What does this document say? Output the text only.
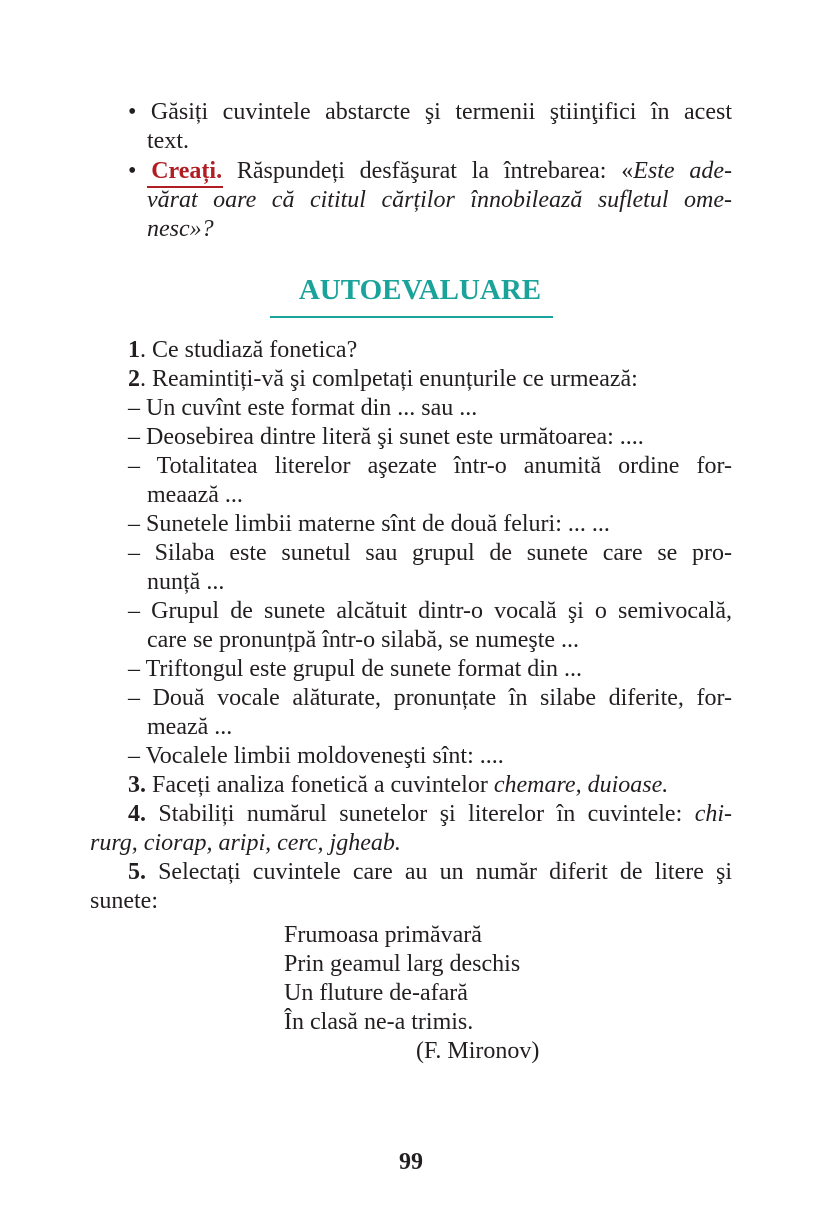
• Găsiți cuvintele abstarcte şi termenii ştiinţifici în acest
text.
• Creați. Răspundeți desfăşurat la întrebarea: «Este ade-
vărat oare că cititul cărților înnobilează sufletul ome-
nesc»?
AUTOEVALUARE
1. Ce studiază fonetica?
2. Reamintiți-vă şi comlpetați enunțurile ce urmează:
– Un cuvînt este format din ... sau ...
– Deosebirea dintre literă şi sunet este următoarea: ....
– Totalitatea literelor aşezate într-o anumită ordine for-
meaază ...
– Sunetele limbii materne sînt de două feluri: ... ...
– Silaba este sunetul sau grupul de sunete care se pro-
nunță ...
– Grupul de sunete alcătuit dintr-o vocală şi o semivocală,
care se pronunțpă într-o silabă, se numeşte ...
– Triftongul este grupul de sunete format din ...
– Două vocale alăturate, pronunțate în silabe diferite, for-
mează ...
– Vocalele limbii moldoveneşti sînt: ....
3. Faceți analiza fonetică a cuvintelor chemare, duioase.
4. Stabiliți numărul sunetelor şi literelor în cuvintele: chi-
rurg, ciorap, aripi, cerc, jgheab.
5. Selectați cuvintele care au un număr diferit de litere şi
sunete:
Frumoasa primăvară
Prin geamul larg deschis
Un fluture de-afară
În clasă ne-a trimis.
(F. Mironov)
99
